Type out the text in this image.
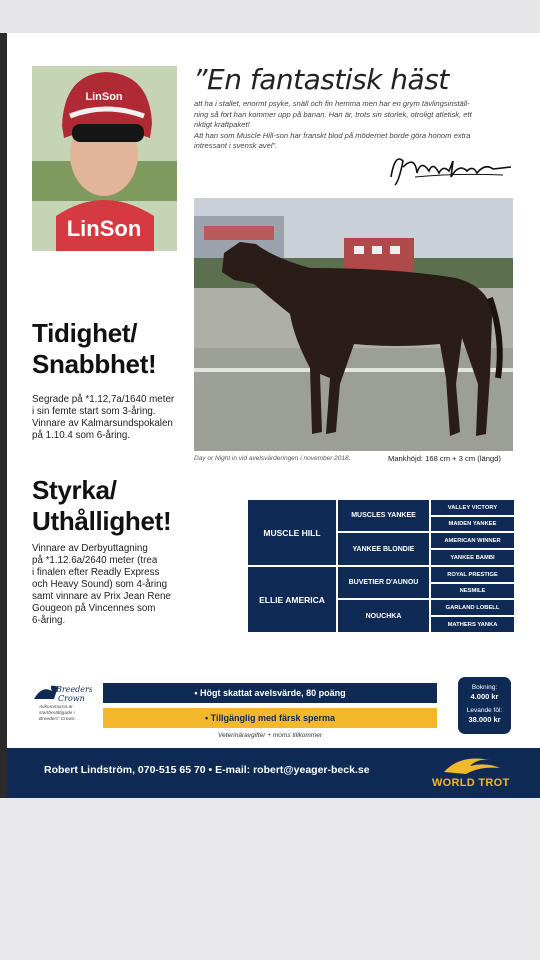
LinSon
LinSon
”En fantastisk häst
att ha i stallet, enormt psyke, snäll och fin hemma men har en grym tävlingsinställ-
ning så fort han kommer upp på banan. Han är, trots sin storlek, otroligt atletisk, ett
riktigt kraftpaket!
Att han som Muscle Hill-son har franskt blod på mödernet borde göra honom extra
intressant i svensk avel”.
Day or Night in vid avelsvärderingen i november 2018.	Mankhöjd: 168 cm + 3 cm (längd)
Tidighet/
Snabbhet!
Segrade på *1.12,7a/1640 meter
i sin femte start som 3-åring.
Vinnare av Kalmarsundspokalen
på 1.10.4 som 6-åring.
Styrka/
Uthållighet!
Vinnare av Derbyuttagning
på *1.12.6a/2640 meter (trea
i finalen efter Readly Express
och Heavy Sound) som 4-åring
samt vinnare av Prix Jean Rene
Gougeon på Vincennes som
6-åring.
MUSCLE HILL
ELLIE AMERICA
MUSCLES YANKEE
YANKEE BLONDIE
BUVETIER D'AUNOU
NOUCHKA
VALLEY VICTORY
MAIDEN YANKEE
AMERICAN WINNER
YANKEE BAMBI
ROYAL PRESTIGE
NESMILE
GARLAND LOBELL
MATHERS YANKA
Breeders'
Crown
Avkommorna är
startberättigade i
Breeders' Crown.
• Högt skattat avelsvärde, 80 poäng
• Tillgänglig med färsk sperma
Veterinäravgifter + moms tillkommer
Bokning:
4.000 kr
Levande föl:
38.000 kr
Robert Lindström, 070-515 65 70 • E-mail: robert@yeager-beck.se
WORLD TROT
